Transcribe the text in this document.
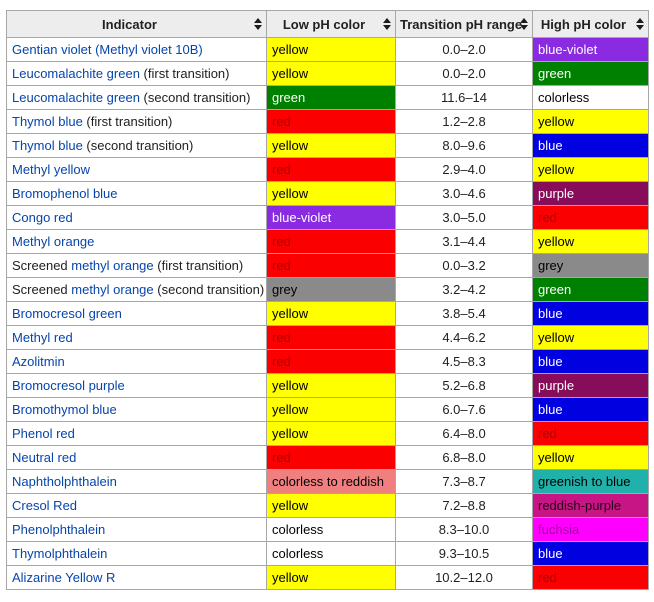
Indicator	Low pH color	Transition pH range	High pH color

Gentian violet (Methyl violet 10B)	yellow	0.0–2.0	blue-violet
Leucomalachite green (first transition)	yellow	0.0–2.0	green
Leucomalachite green (second transition)	green	11.6–14	colorless
Thymol blue (first transition)	red	1.2–2.8	yellow
Thymol blue (second transition)	yellow	8.0–9.6	blue
Methyl yellow	red	2.9–4.0	yellow
Bromophenol blue	yellow	3.0–4.6	purple
Congo red	blue-violet	3.0–5.0	red
Methyl orange	red	3.1–4.4	yellow
Screened methyl orange (first transition)	red	0.0–3.2	grey
Screened methyl orange (second transition)	grey	3.2–4.2	green
Bromocresol green	yellow	3.8–5.4	blue
Methyl red	red	4.4–6.2	yellow
Azolitmin	red	4.5–8.3	blue
Bromocresol purple	yellow	5.2–6.8	purple
Bromothymol blue	yellow	6.0–7.6	blue
Phenol red	yellow	6.4–8.0	red
Neutral red	red	6.8–8.0	yellow
Naphtholphthalein	colorless to reddish	7.3–8.7	greenish to blue
Cresol Red	yellow	7.2–8.8	reddish-purple
Phenolphthalein	colorless	8.3–10.0	fuchsia
Thymolphthalein	colorless	9.3–10.5	blue
Alizarine Yellow R	yellow	10.2–12.0	red
